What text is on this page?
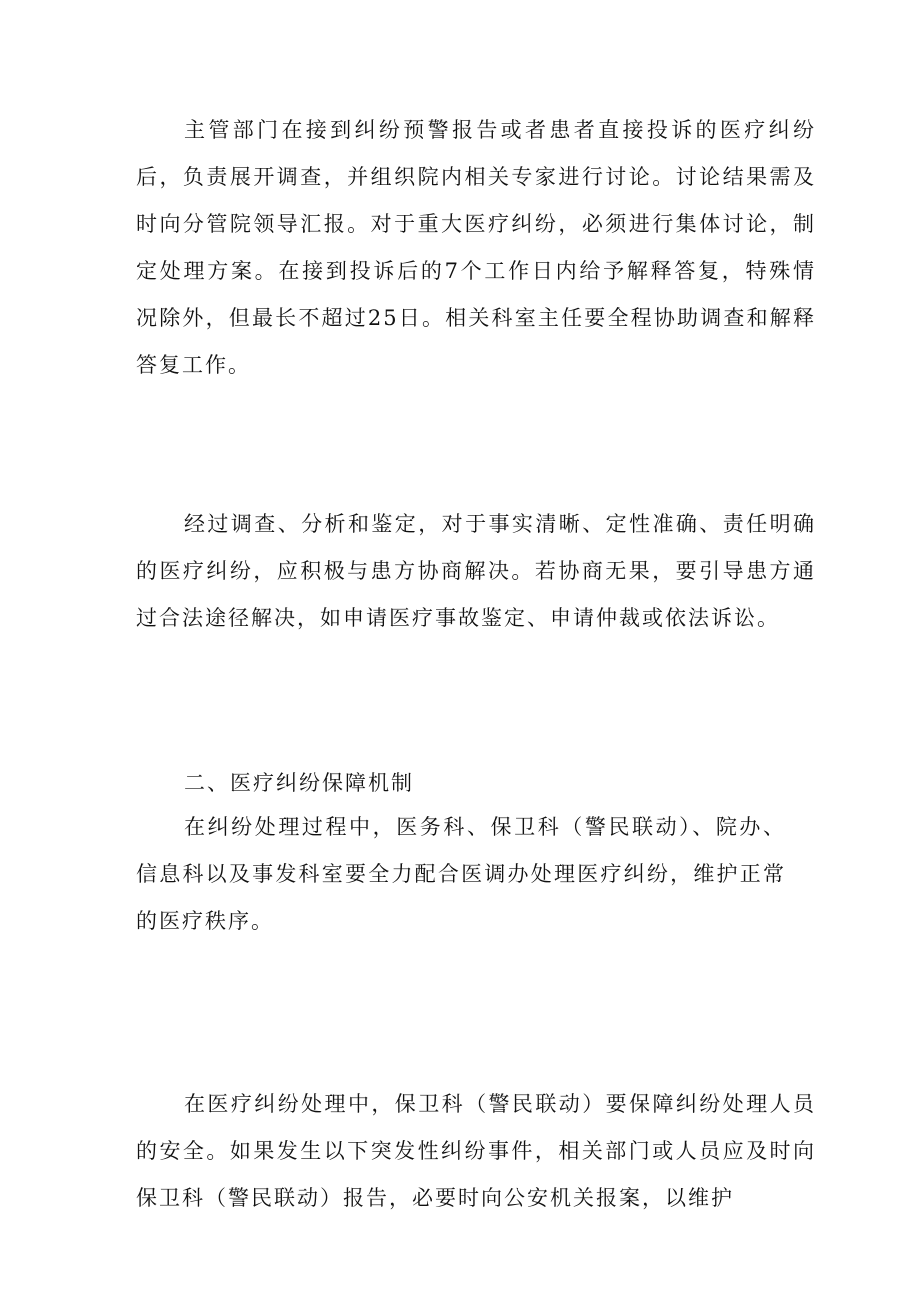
主管部门在接到纠纷预警报告或者患者直接投诉的医疗纠纷后，负责展开调查，并组织院内相关专家进行讨论。讨论结果需及时向分管院领导汇报。对于重大医疗纠纷，必须进行集体讨论，制定处理方案。在接到投诉后的7个工作日内给予解释答复，特殊情况除外，但最长不超过25日。相关科室主任要全程协助调查和解释答复工作。

经过调查、分析和鉴定，对于事实清晰、定性准确、责任明确的医疗纠纷，应积极与患方协商解决。若协商无果，要引导患方通过合法途径解决，如申请医疗事故鉴定、申请仲裁或依法诉讼。

二、医疗纠纷保障机制

在纠纷处理过程中，医务科、保卫科（警民联动）、院办、信息科以及事发科室要全力配合医调办处理医疗纠纷，维护正常的医疗秩序。

在医疗纠纷处理中，保卫科（警民联动）要保障纠纷处理人员的安全。如果发生以下突发性纠纷事件，相关部门或人员应及时向保卫科（警民联动）报告，必要时向公安机关报案，以维护
